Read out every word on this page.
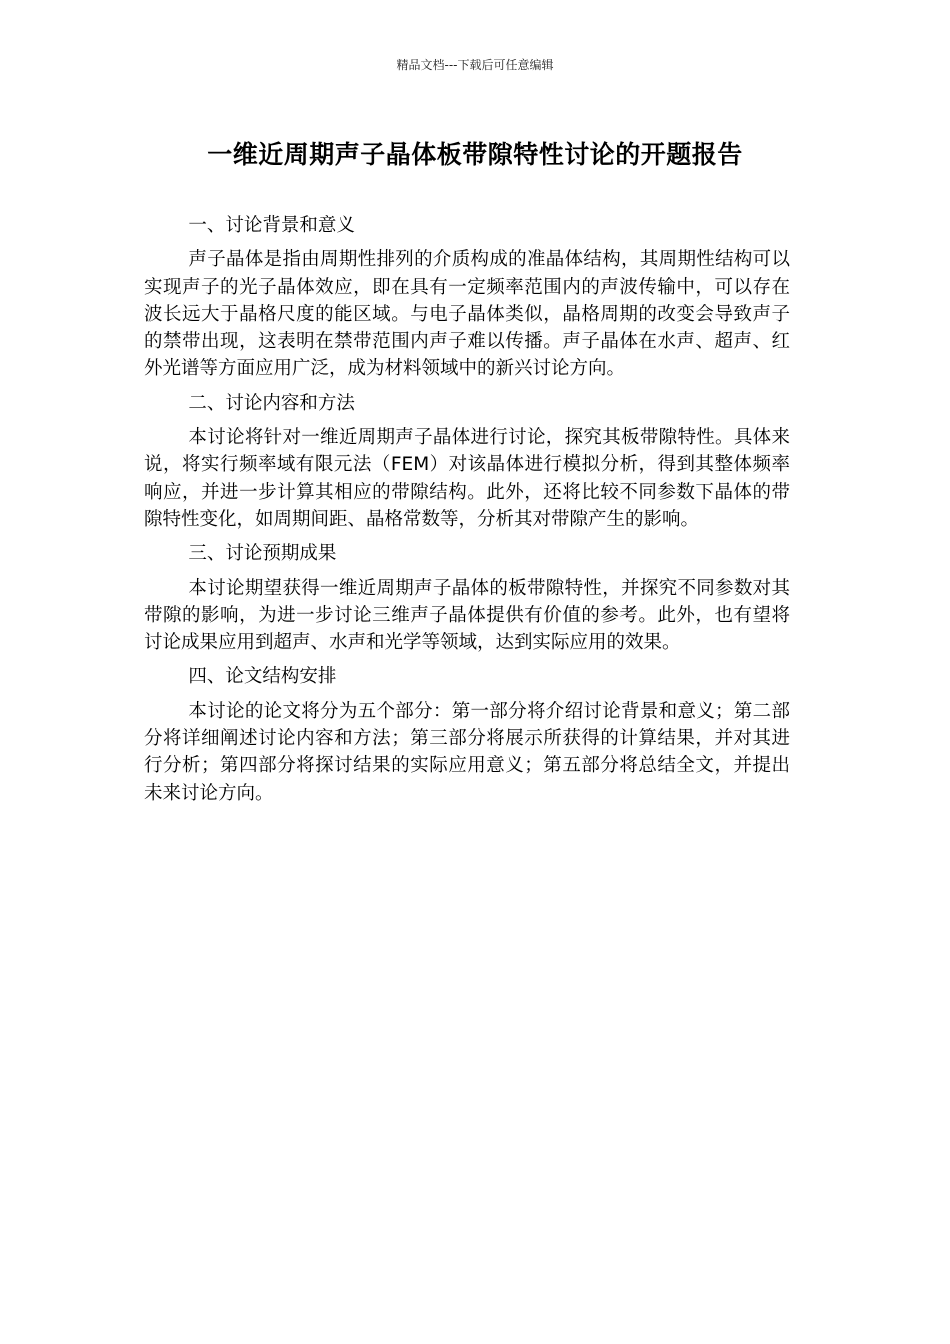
精品文档---下载后可任意编辑
一维近周期声子晶体板带隙特性讨论的开题报告
一、讨论背景和意义

声子晶体是指由周期性排列的介质构成的准晶体结构，其周期性结构可以实现声子的光子晶体效应，即在具有一定频率范围内的声波传输中，可以存在波长远大于晶格尺度的能区域。与电子晶体类似，晶格周期的改变会导致声子的禁带出现，这表明在禁带范围内声子难以传播。声子晶体在水声、超声、红外光谱等方面应用广泛，成为材料领域中的新兴讨论方向。

二、讨论内容和方法

本讨论将针对一维近周期声子晶体进行讨论，探究其板带隙特性。具体来说，将实行频率域有限元法（FEM）对该晶体进行模拟分析，得到其整体频率响应，并进一步计算其相应的带隙结构。此外，还将比较不同参数下晶体的带隙特性变化，如周期间距、晶格常数等，分析其对带隙产生的影响。

三、讨论预期成果

本讨论期望获得一维近周期声子晶体的板带隙特性，并探究不同参数对其带隙的影响，为进一步讨论三维声子晶体提供有价值的参考。此外，也有望将讨论成果应用到超声、水声和光学等领域，达到实际应用的效果。

四、论文结构安排

本讨论的论文将分为五个部分：第一部分将介绍讨论背景和意义；第二部分将详细阐述讨论内容和方法；第三部分将展示所获得的计算结果，并对其进行分析；第四部分将探讨结果的实际应用意义；第五部分将总结全文，并提出未来讨论方向。
